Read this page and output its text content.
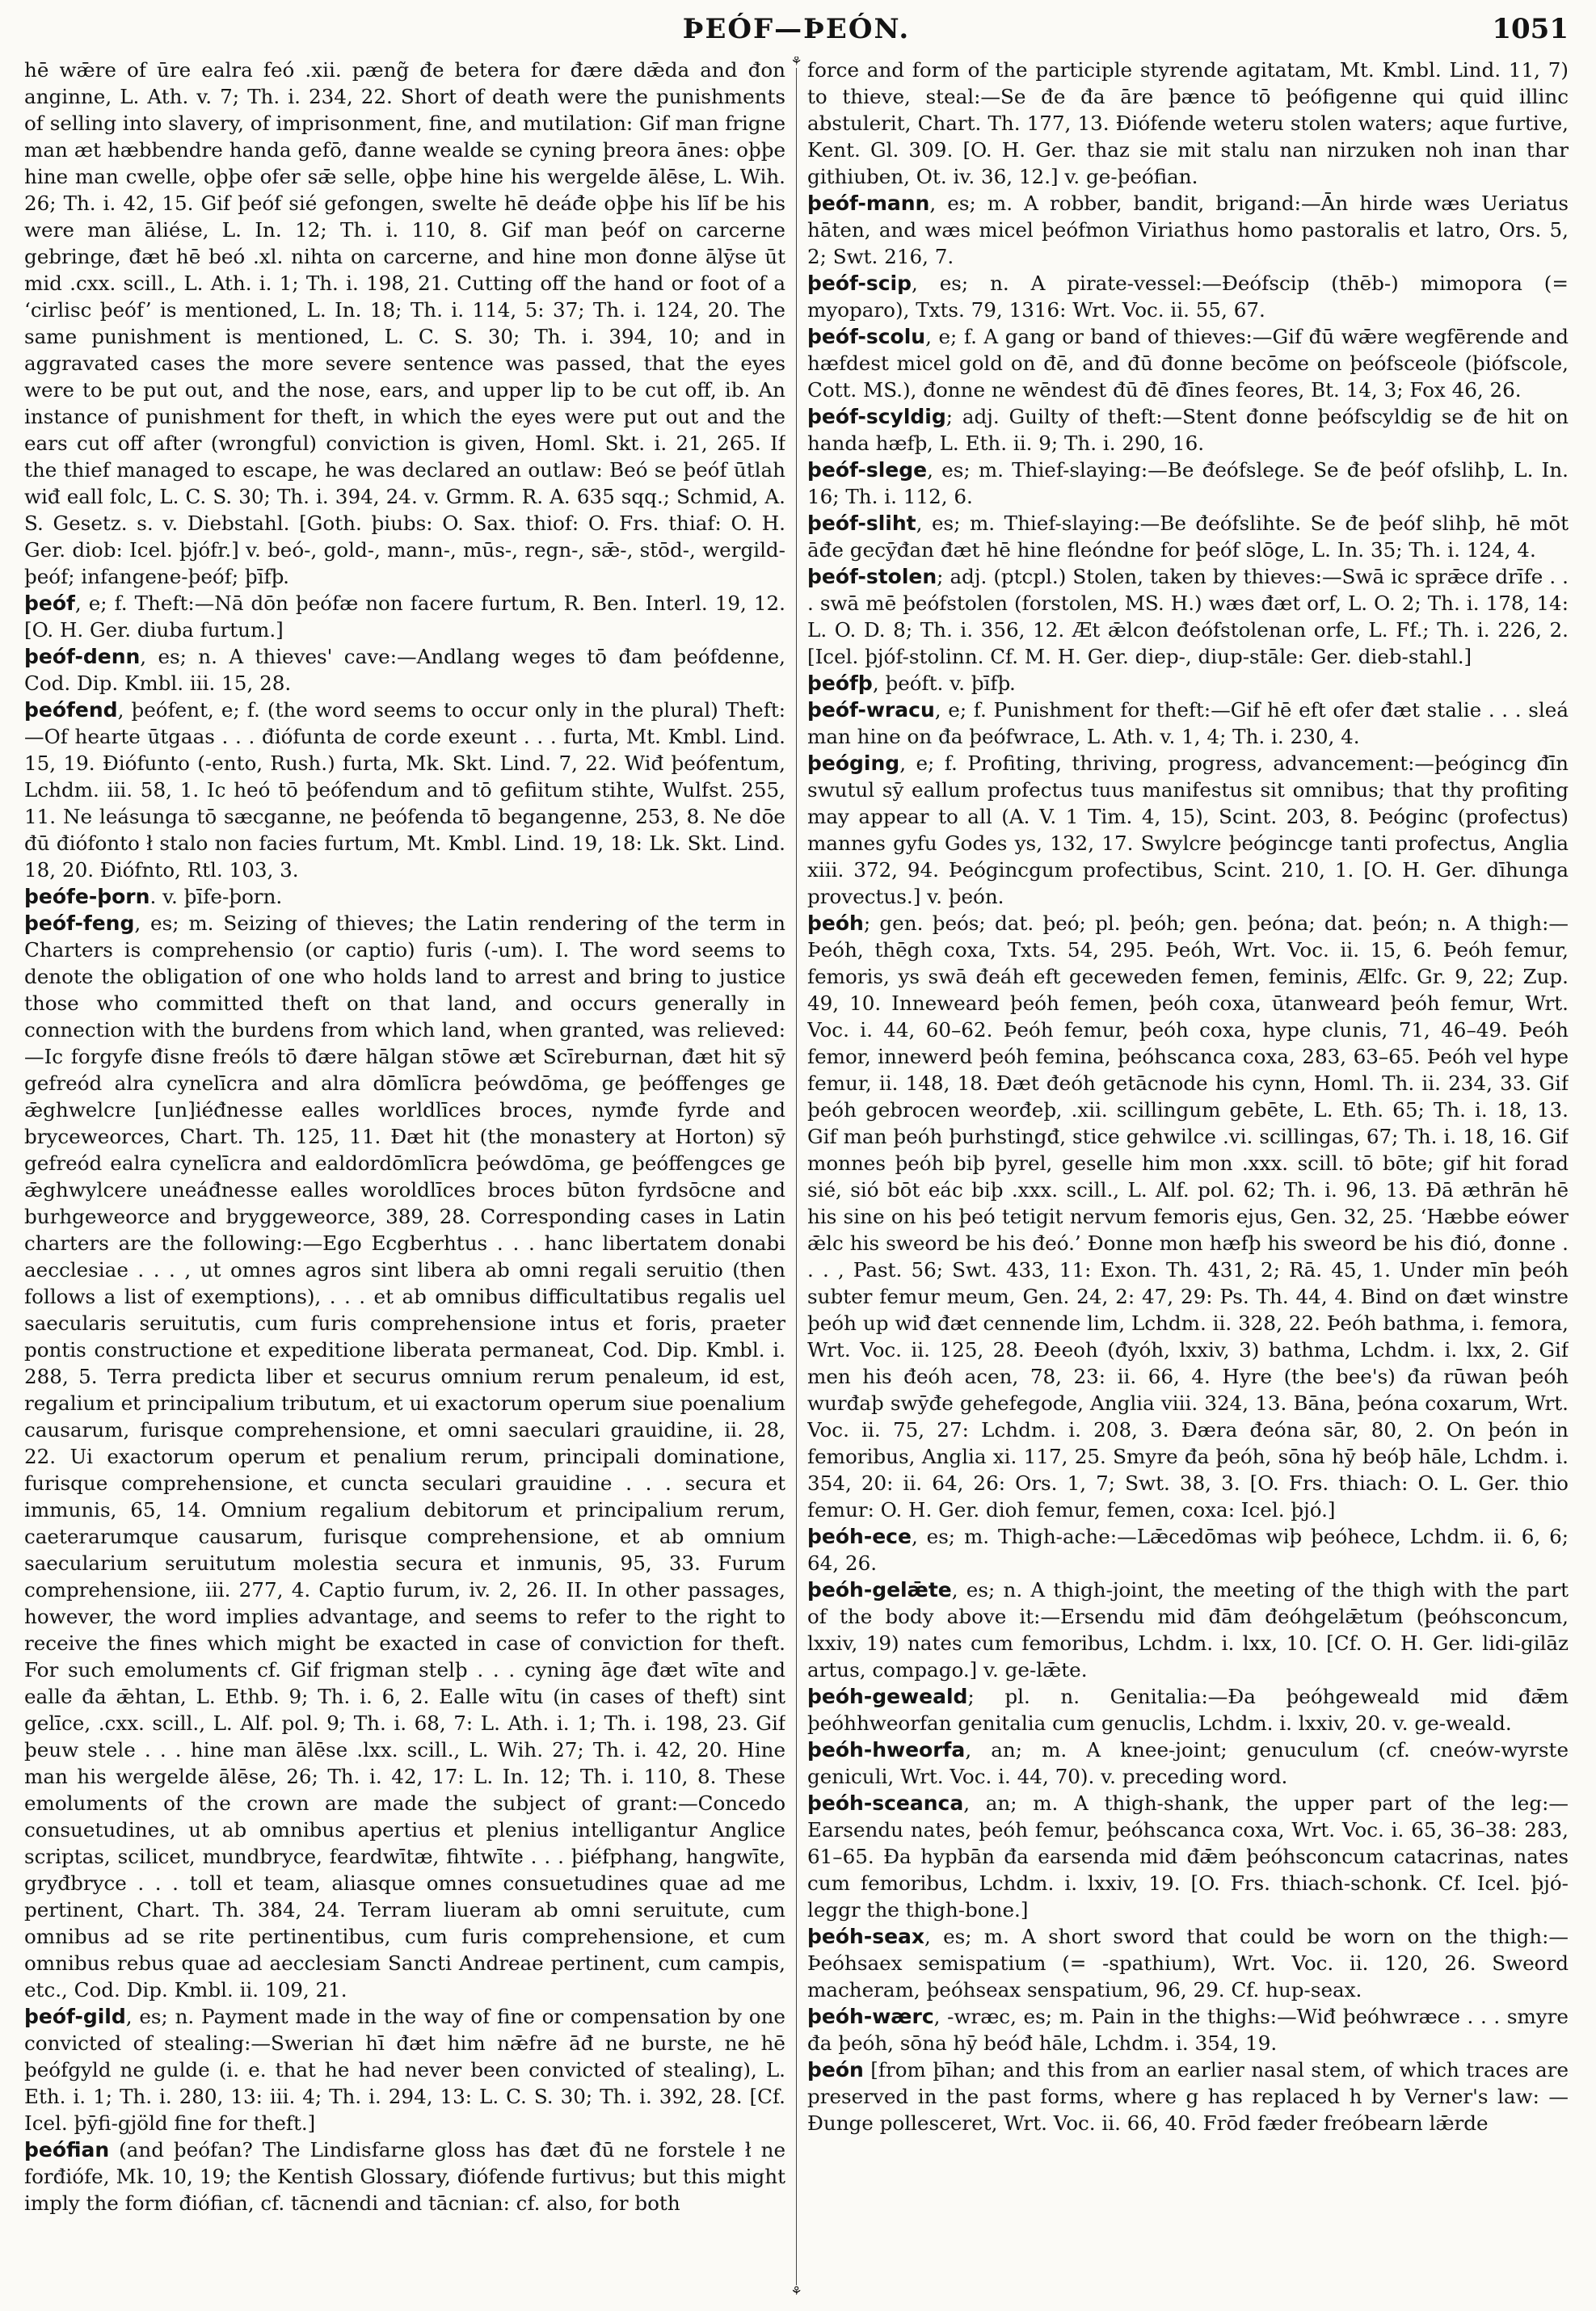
ÞEÓF—ÞEÓN.	1051

hē wǣre of ūre ealra feó .xii. pæng̃ đe betera for đære dǣda and đon anginne, L. Ath. v. 7; Th. i. 234, 22. Short of death were the punishments of selling into slavery, of imprisonment, fine, and mutilation: Gif man frigne man æt hæbbendre handa gefō, đanne wealde se cyning þreora ānes: oþþe hine man cwelle, oþþe ofer sǣ selle, oþþe hine his wergelde ālēse, L. Wih. 26; Th. i. 42, 15. Gif þeóf sié gefongen, swelte hē deáđe oþþe his līf be his were man āliése, L. In. 12; Th. i. 110, 8. Gif man þeóf on carcerne gebringe, đæt hē beó .xl. nihta on carcerne, and hine mon đonne ālȳse ūt mid .cxx. scill., L. Ath. i. 1; Th. i. 198, 21. Cutting off the hand or foot of a ‘cirlisc þeóf’ is mentioned, L. In. 18; Th. i. 114, 5: 37; Th. i. 124, 20. The same punishment is mentioned, L. C. S. 30; Th. i. 394, 10; and in aggravated cases the more severe sentence was passed, that the eyes were to be put out, and the nose, ears, and upper lip to be cut off, ib. An instance of punishment for theft, in which the eyes were put out and the ears cut off after (wrongful) conviction is given, Homl. Skt. i. 21, 265. If the thief managed to escape, he was declared an outlaw: Beó se þeóf ūtlah wiđ eall folc, L. C. S. 30; Th. i. 394, 24. v. Grmm. R. A. 635 sqq.; Schmid, A. S. Gesetz. s. v. Diebstahl. [Goth. þiubs: O. Sax. thiof: O. Frs. thiaf: O. H. Ger. diob: Icel. þjófr.] v. beó-, gold-, mann-, mūs-, regn-, sǣ-, stōd-, wergild-þeóf; infangene-þeóf; þīfþ.

þeóf, e; f. Theft:—Nā dōn þeófæ non facere furtum, R. Ben. Interl. 19, 12. [O. H. Ger. diuba furtum.]

þeóf-denn, es; n. A thieves' cave:—Andlang weges tō đam þeófdenne, Cod. Dip. Kmbl. iii. 15, 28.

þeófend, þeófent, e; f. (the word seems to occur only in the plural) Theft:—Of hearte ūtgaas . . . điófunta de corde exeunt . . . furta, Mt. Kmbl. Lind. 15, 19. Điófunto (-ento, Rush.) furta, Mk. Skt. Lind. 7, 22. Wiđ þeófentum, Lchdm. iii. 58, 1. Ic heó tō þeófendum and tō gefiitum stihte, Wulfst. 255, 11. Ne leásunga tō sæcganne, ne þeófenda tō begangenne, 253, 8. Ne dōe đū điófonto ł stalo non facies furtum, Mt. Kmbl. Lind. 19, 18: Lk. Skt. Lind. 18, 20. Điófnto, Rtl. 103, 3.

þeófe-þorn. v. þīfe-þorn.

þeóf-feng, es; m. Seizing of thieves; the Latin rendering of the term in Charters is comprehensio (or captio) furis (-um). I. The word seems to denote the obligation of one who holds land to arrest and bring to justice those who committed theft on that land, and occurs generally in connection with the burdens from which land, when granted, was relieved:—Ic forgyfe đisne freóls tō đære hālgan stōwe æt Scīreburnan, đæt hit sȳ gefreód alra cynelīcra and alra dōmlīcra þeówdōma, ge þeóffenges ge ǣghwelcre [un]iéđnesse ealles worldlīces broces, nymđe fyrde and bryceweorces, Chart. Th. 125, 11. Đæt hit (the monastery at Horton) sȳ gefreód ealra cynelīcra and ealdordōmlīcra þeówdōma, ge þeóffengces ge ǣghwylcere uneáđnesse ealles woroldlīces broces būton fyrdsōcne and burhgeweorce and bryggeweorce, 389, 28. Corresponding cases in Latin charters are the following:—Ego Ecgberhtus . . . hanc libertatem donabi aecclesiae . . . , ut omnes agros sint libera ab omni regali seruitio (then follows a list of exemptions), . . . et ab omnibus difficultatibus regalis uel saecularis seruitutis, cum furis comprehensione intus et foris, praeter pontis constructione et expeditione liberata permaneat, Cod. Dip. Kmbl. i. 288, 5. Terra predicta liber et securus omnium rerum penaleum, id est, regalium et principalium tributum, et ui exactorum operum siue poenalium causarum, furisque comprehensione, et omni saeculari grauidine, ii. 28, 22. Ui exactorum operum et penalium rerum, principali dominatione, furisque comprehensione, et cuncta seculari grauidine . . . secura et immunis, 65, 14. Omnium regalium debitorum et principalium rerum, caeterarumque causarum, furisque comprehensione, et ab omnium saecularium seruitutum molestia secura et inmunis, 95, 33. Furum comprehensione, iii. 277, 4. Captio furum, iv. 2, 26. II. In other passages, however, the word implies advantage, and seems to refer to the right to receive the fines which might be exacted in case of conviction for theft. For such emoluments cf. Gif frigman stelþ . . . cyning āge đæt wīte and ealle đa ǣhtan, L. Ethb. 9; Th. i. 6, 2. Ealle wītu (in cases of theft) sint gelīce, .cxx. scill., L. Alf. pol. 9; Th. i. 68, 7: L. Ath. i. 1; Th. i. 198, 23. Gif þeuw stele . . . hine man ālēse .lxx. scill., L. Wih. 27; Th. i. 42, 20. Hine man his wergelde ālēse, 26; Th. i. 42, 17: L. In. 12; Th. i. 110, 8. These emoluments of the crown are made the subject of grant:—Concedo consuetudines, ut ab omnibus apertius et plenius intelligantur Anglice scriptas, scilicet, mundbryce, feardwītæ, fihtwīte . . . þiéfphang, hangwīte, gryđbryce . . . toll et team, aliasque omnes consuetudines quae ad me pertinent, Chart. Th. 384, 24. Terram liueram ab omni seruitute, cum omnibus ad se rite pertinentibus, cum furis comprehensione, et cum omnibus rebus quae ad aecclesiam Sancti Andreae pertinent, cum campis, etc., Cod. Dip. Kmbl. ii. 109, 21.

þeóf-gild, es; n. Payment made in the way of fine or compensation by one convicted of stealing:—Swerian hī đæt him nǣfre āđ ne burste, ne hē þeófgyld ne gulde (i. e. that he had never been convicted of stealing), L. Eth. i. 1; Th. i. 280, 13: iii. 4; Th. i. 294, 13: L. C. S. 30; Th. i. 392, 28. [Cf. Icel. þȳfi-gjöld fine for theft.]

þeófian (and þeófan? The Lindisfarne gloss has đæt đū ne forstele ł ne forđiófe, Mk. 10, 19; the Kentish Glossary, điófende furtivus; but this might imply the form điófian, cf. tācnendi and tācnian: cf. also, for both

⚘
⚘

force and form of the participle styrende agitatam, Mt. Kmbl. Lind. 11, 7) to thieve, steal:—Se đe đa āre þænce tō þeófigenne qui quid illinc abstulerit, Chart. Th. 177, 13. Điófende weteru stolen waters; aque furtive, Kent. Gl. 309. [O. H. Ger. thaz sie mit stalu nan nirzuken noh inan thar githiuben, Ot. iv. 36, 12.] v. ge-þeófian.

þeóf-mann, es; m. A robber, bandit, brigand:—Ān hirde wæs Ueriatus hāten, and wæs micel þeófmon Viriathus homo pastoralis et latro, Ors. 5, 2; Swt. 216, 7.

þeóf-scip, es; n. A pirate-vessel:—Đeófscip (thēb-) mimopora (= myoparo), Txts. 79, 1316: Wrt. Voc. ii. 55, 67.

þeóf-scolu, e; f. A gang or band of thieves:—Gif đū wǣre wegfērende and hæfdest micel gold on đē, and đū đonne becōme on þeófsceole (þiófscole, Cott. MS.), đonne ne wēndest đū đē đīnes feores, Bt. 14, 3; Fox 46, 26.

þeóf-scyldig; adj. Guilty of theft:—Stent đonne þeófscyldig se đe hit on handa hæfþ, L. Eth. ii. 9; Th. i. 290, 16.

þeóf-slege, es; m. Thief-slaying:—Be đeófslege. Se đe þeóf ofslihþ, L. In. 16; Th. i. 112, 6.

þeóf-sliht, es; m. Thief-slaying:—Be đeófslihte. Se đe þeóf slihþ, hē mōt āđe gecȳđan đæt hē hine fleóndne for þeóf slōge, L. In. 35; Th. i. 124, 4.

þeóf-stolen; adj. (ptcpl.) Stolen, taken by thieves:—Swā ic sprǣce drīfe . . . swā mē þeófstolen (forstolen, MS. H.) wæs đæt orf, L. O. 2; Th. i. 178, 14: L. O. D. 8; Th. i. 356, 12. Æt ǣlcon đeófstolenan orfe, L. Ff.; Th. i. 226, 2. [Icel. þjóf-stolinn. Cf. M. H. Ger. diep-, diup-stāle: Ger. dieb-stahl.]

þeófþ, þeóft. v. þīfþ.

þeóf-wracu, e; f. Punishment for theft:—Gif hē eft ofer đæt stalie . . . sleá man hine on đa þeófwrace, L. Ath. v. 1, 4; Th. i. 230, 4.

þeóging, e; f. Profiting, thriving, progress, advancement:—þeógincg đīn swutul sȳ eallum profectus tuus manifestus sit omnibus; that thy profiting may appear to all (A. V. 1 Tim. 4, 15), Scint. 203, 8. Þeóginc (profectus) mannes gyfu Godes ys, 132, 17. Swylcre þeógincge tanti profectus, Anglia xiii. 372, 94. Þeógincgum profectibus, Scint. 210, 1. [O. H. Ger. dīhunga provectus.] v. þeón.

þeóh; gen. þeós; dat. þeó; pl. þeóh; gen. þeóna; dat. þeón; n. A thigh:—Þeóh, thēgh coxa, Txts. 54, 295. Þeóh, Wrt. Voc. ii. 15, 6. Þeóh femur, femoris, ys swā đeáh eft geceweden femen, feminis, Ælfc. Gr. 9, 22; Zup. 49, 10. Inneweard þeóh femen, þeóh coxa, ūtanweard þeóh femur, Wrt. Voc. i. 44, 60–62. Þeóh femur, þeóh coxa, hype clunis, 71, 46–49. Þeóh femor, innewerd þeóh femina, þeóhscanca coxa, 283, 63–65. Þeóh vel hype femur, ii. 148, 18. Đæt đeóh getācnode his cynn, Homl. Th. ii. 234, 33. Gif þeóh gebrocen weorđeþ, .xii. scillingum gebēte, L. Eth. 65; Th. i. 18, 13. Gif man þeóh þurhstingđ, stice gehwilce .vi. scillingas, 67; Th. i. 18, 16. Gif monnes þeóh biþ þyrel, geselle him mon .xxx. scill. tō bōte; gif hit forad sié, sió bōt eác biþ .xxx. scill., L. Alf. pol. 62; Th. i. 96, 13. Đā æthrān hē his sine on his þeó tetigit nervum femoris ejus, Gen. 32, 25. ‘Hæbbe eówer ǣlc his sweord be his đeó.’ Đonne mon hæfþ his sweord be his đió, đonne . . . , Past. 56; Swt. 433, 11: Exon. Th. 431, 2; Rā. 45, 1. Under mīn þeóh subter femur meum, Gen. 24, 2: 47, 29: Ps. Th. 44, 4. Bind on đæt winstre þeóh up wiđ đæt cennende lim, Lchdm. ii. 328, 22. Þeóh bathma, i. femora, Wrt. Voc. ii. 125, 28. Đeeoh (đyóh, lxxiv, 3) bathma, Lchdm. i. lxx, 2. Gif men his đeóh acen, 78, 23: ii. 66, 4. Hyre (the bee's) đa rūwan þeóh wurđaþ swȳđe gehefegode, Anglia viii. 324, 13. Bāna, þeóna coxarum, Wrt. Voc. ii. 75, 27: Lchdm. i. 208, 3. Đæra đeóna sār, 80, 2. On þeón in femoribus, Anglia xi. 117, 25. Smyre đa þeóh, sōna hȳ beóþ hāle, Lchdm. i. 354, 20: ii. 64, 26: Ors. 1, 7; Swt. 38, 3. [O. Frs. thiach: O. L. Ger. thio femur: O. H. Ger. dioh femur, femen, coxa: Icel. þjó.]

þeóh-ece, es; m. Thigh-ache:—Lǣcedōmas wiþ þeóhece, Lchdm. ii. 6, 6; 64, 26.

þeóh-gelǣte, es; n. A thigh-joint, the meeting of the thigh with the part of the body above it:—Ersendu mid đām đeóhgelǣtum (þeóhsconcum, lxxiv, 19) nates cum femoribus, Lchdm. i. lxx, 10. [Cf. O. H. Ger. lidi-gilāz artus, compago.] v. ge-lǣte.

þeóh-geweald; pl. n. Genitalia:—Đa þeóhgeweald mid đǣm þeóhhweorfan genitalia cum genuclis, Lchdm. i. lxxiv, 20. v. ge-weald.

þeóh-hweorfa, an; m. A knee-joint; genuculum (cf. cneów-wyrste geniculi, Wrt. Voc. i. 44, 70). v. preceding word.

þeóh-sceanca, an; m. A thigh-shank, the upper part of the leg:—Earsendu nates, þeóh femur, þeóhscanca coxa, Wrt. Voc. i. 65, 36–38: 283, 61–65. Đa hypbān đa earsenda mid đǣm þeóhsconcum catacrinas, nates cum femoribus, Lchdm. i. lxxiv, 19. [O. Frs. thiach-schonk. Cf. Icel. þjó-leggr the thigh-bone.]

þeóh-seax, es; m. A short sword that could be worn on the thigh:—Þeóhsaex semispatium (= -spathium), Wrt. Voc. ii. 120, 26. Sweord macheram, þeóhseax senspatium, 96, 29. Cf. hup-seax.

þeóh-wærc, -wræc, es; m. Pain in the thighs:—Wiđ þeóhwræce . . . smyre đa þeóh, sōna hȳ beóđ hāle, Lchdm. i. 354, 19.

þeón [from þīhan; and this from an earlier nasal stem, of which traces are preserved in the past forms, where g has replaced h by Verner's law: —Đunge pollesceret, Wrt. Voc. ii. 66, 40. Frōd fæder freóbearn lǣrde
